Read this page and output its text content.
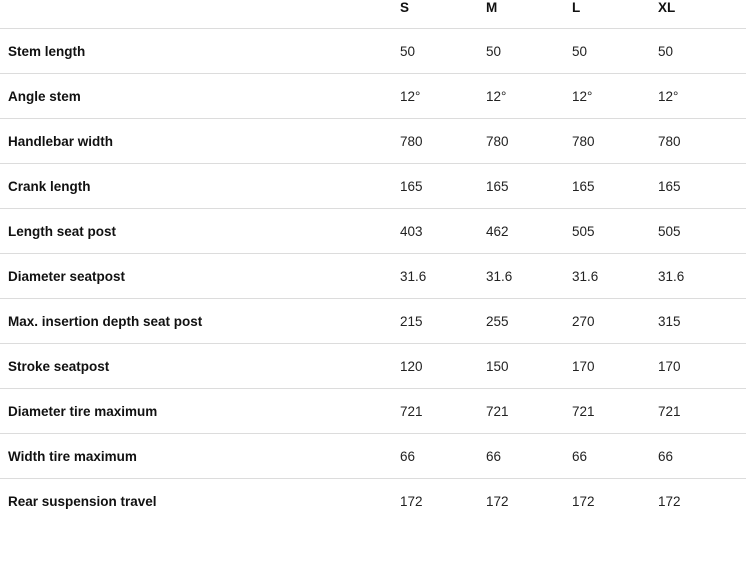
	S	M	L	XL
Stem length	50	50	50	50
Angle stem	12°	12°	12°	12°
Handlebar width	780	780	780	780
Crank length	165	165	165	165
Length seat post	403	462	505	505
Diameter seatpost	31.6	31.6	31.6	31.6
Max. insertion depth seat post	215	255	270	315
Stroke seatpost	120	150	170	170
Diameter tire maximum	721	721	721	721
Width tire maximum	66	66	66	66
Rear suspension travel	172	172	172	172
